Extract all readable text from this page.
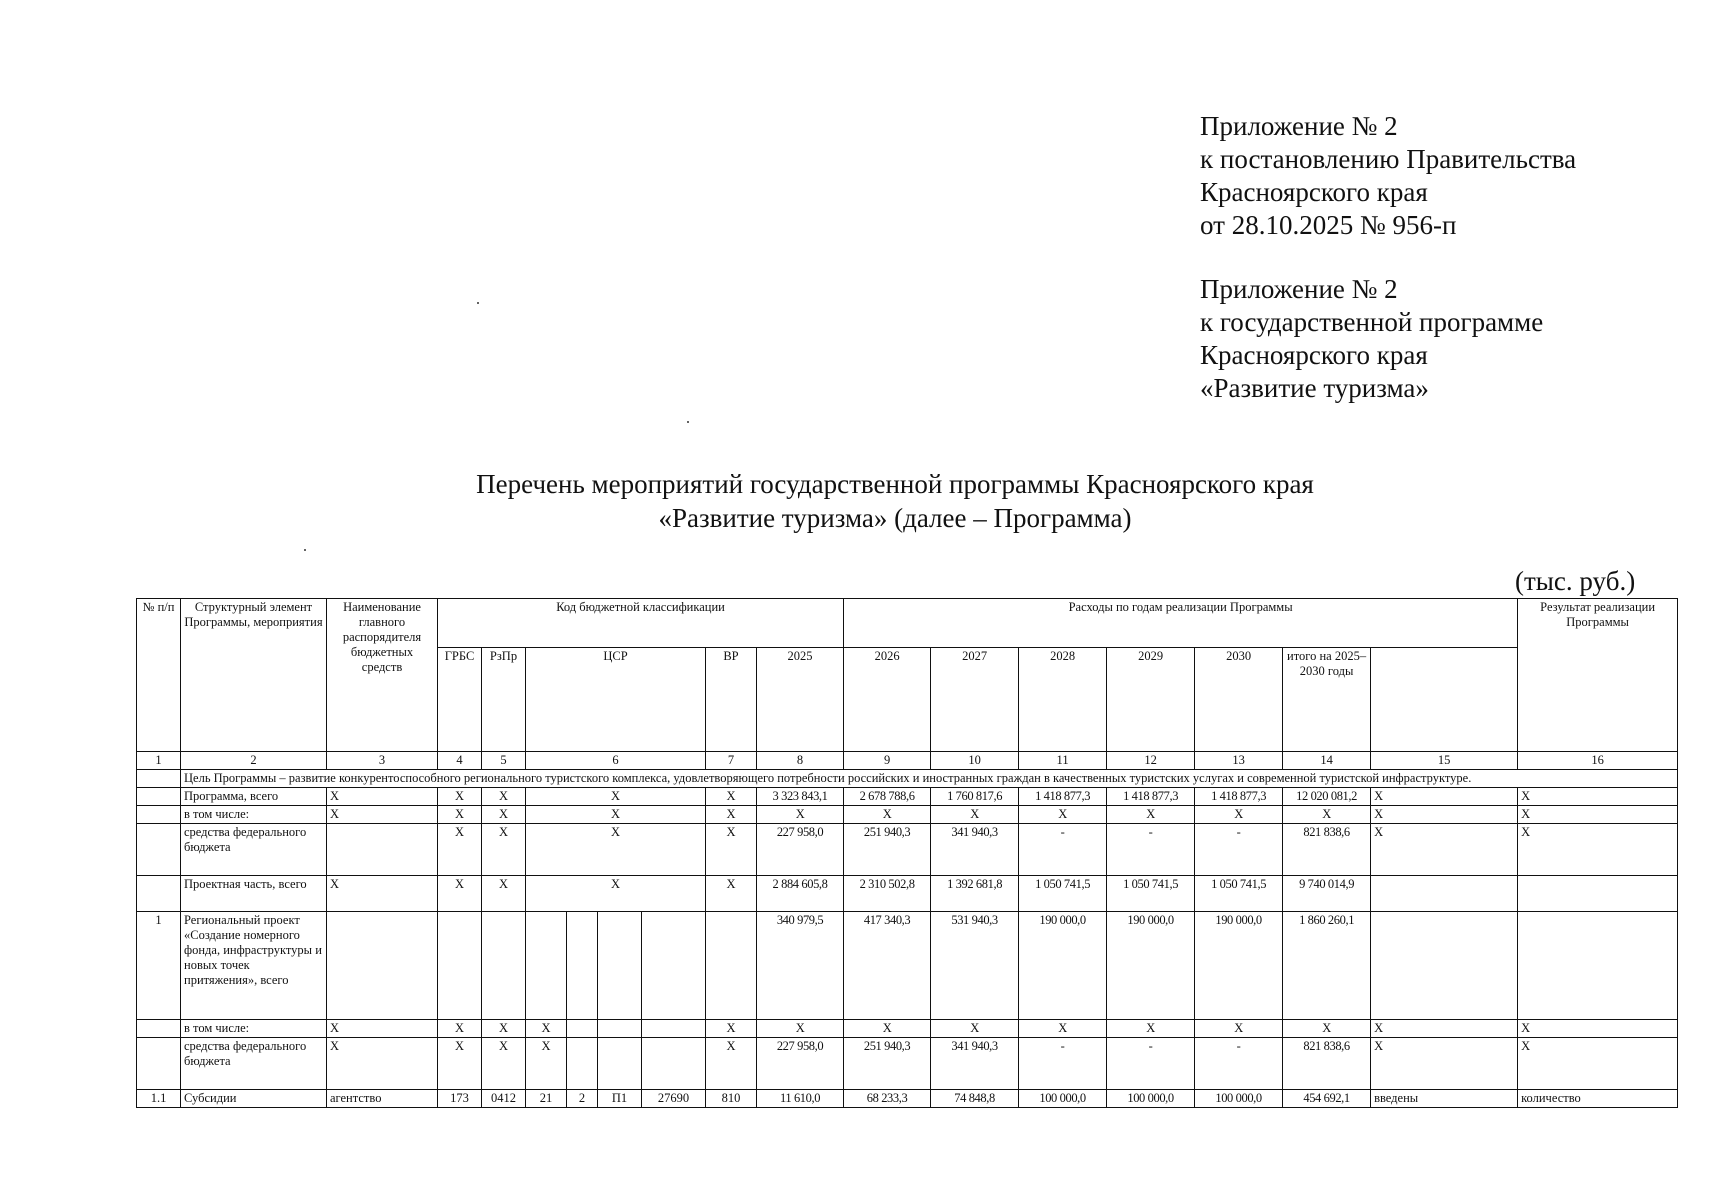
Приложение № 2
к постановлению Правительства
Красноярского края
от 28.10.2025 № 956-п
Приложение № 2
к государственной программе
Красноярского края
«Развитие туризма»
Перечень мероприятий государственной программы Красноярского края
«Развитие туризма» (далее – Программа)
(тыс. руб.)
№ п/п	Структурный элемент Программы, мероприятия	Наименование главного распорядителя бюджетных средств	Код бюджетной классификации								Расходы по годам реализации Программы							Результат реализации Программы	
			ГРБС	РзПр	ЦСР				ВР	2025	2026	2027	2028	2029	2030	итого на 2025–2030 годы			
1	2	3	4	5	6				7	8	9	10	11	12	13	14	15	16	
	Цель Программы – развитие конкурентоспособного регионального туристского комплекса, удовлетворяющего потребности российских и иностранных граждан в качественных туристских услугах и современной туристской инфраструктуре.																		
	Программа, всего	X	X	X	X				X	3 323 843,1	2 678 788,6	1 760 817,6	1 418 877,3	1 418 877,3	1 418 877,3	12 020 081,2	X	X	
	в том числе:	X	X	X	X				X	X	X	X	X	X	X	X	X	X	
	средства федерального бюджета		X	X	X				X	227 958,0	251 940,3	341 940,3	-	-	-	821 838,6	X	X	
	Проектная часть, всего	X	X	X	X				X	2 884 605,8	2 310 502,8	1 392 681,8	1 050 741,5	1 050 741,5	1 050 741,5	9 740 014,9			
1	Региональный проект «Создание номерного фонда, инфраструктуры и новых точек притяжения», всего									340 979,5	417 340,3	531 940,3	190 000,0	190 000,0	190 000,0	1 860 260,1			
	в том числе:	X	X	X	X				X	X	X	X	X	X	X	X	X	X	
	средства федерального бюджета	X	X	X	X				X	227 958,0	251 940,3	341 940,3	-	-	-	821 838,6	X	X	
1.1	Субсидии	агентство	173	0412	21	2	П1	27690	810	11 610,0	68 233,3	74 848,8	100 000,0	100 000,0	100 000,0	454 692,1	введены	количество	
